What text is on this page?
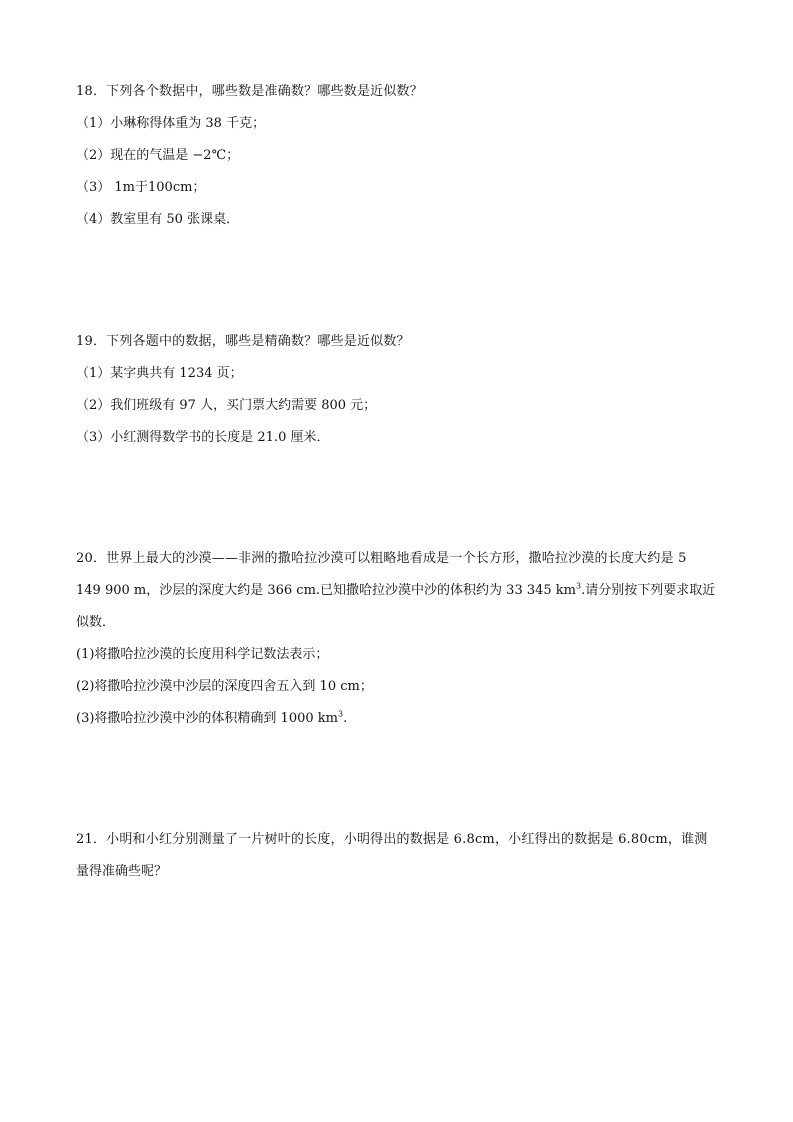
18．下列各个数据中，哪些数是准确数？哪些数是近似数？
（1）小琳称得体重为 38 千克；
（2）现在的气温是 −2℃；
（3） 1m于100cm；
（4）教室里有 50 张课桌．
19．下列各题中的数据，哪些是精确数？哪些是近似数？
（1）某字典共有 1234 页；
（2）我们班级有 97 人，买门票大约需要 800 元；
（3）小红测得数学书的长度是 21.0 厘米．
20．世界上最大的沙漠——非洲的撒哈拉沙漠可以粗略地看成是一个长方形，撒哈拉沙漠的长度大约是 5
149 900 m，沙层的深度大约是 366 cm.已知撒哈拉沙漠中沙的体积约为 33 345 $km^3$.请分别按下列要求取近
似数．
(1)将撒哈拉沙漠的长度用科学记数法表示；
(2)将撒哈拉沙漠中沙层的深度四舍五入到 10 cm；
(3)将撒哈拉沙漠中沙的体积精确到 1000 $km^3$.
21．小明和小红分别测量了一片树叶的长度，小明得出的数据是 6.8cm，小红得出的数据是 6.80cm，谁测
量得准确些呢？
